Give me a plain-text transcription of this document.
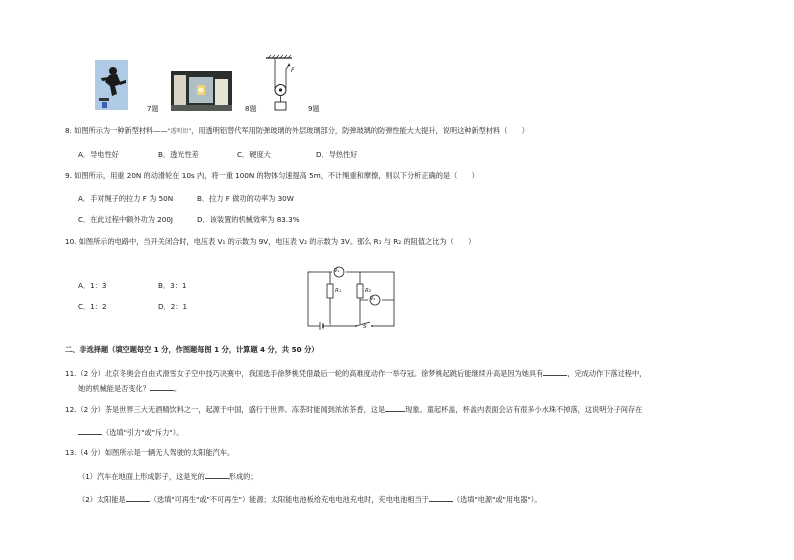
7题	8题
F
9题
8. 如图所示为一种新型材料——"透明铝"，用透明铝替代军用防弹玻璃的外层玻璃部分，防弹玻璃的防弹性能大大提升，说明这种新型材料（　　）
A．导电性好	B．透光性差	C．硬度大	D．导热性好
9. 如图所示，用重 20N 的动滑轮在 10s 内，将一重 100N 的物体匀速提高 5m，不计绳重和摩擦，则以下分析正确的是（　　）
A．手对绳子的拉力 F 为 50N	B．拉力 F 做功的功率为 30W
C．在此过程中额外功为 200J	D．该装置的机械效率为 83.3%
10. 如图所示的电路中，当开关闭合时，电压表 V₁ 的示数为 9V，电压表 V₂ 的示数为 3V。那么 R₁ 与 R₂ 的阻值之比为（　　）
A．1：3	B．3：1
C．1：2	D．2：1
V₁
V₂
R₁	R₂
S
二、非选择题（填空题每空 1 分，作图题每图 1 分，计算题 4 分，共 50 分）
11.（2 分）北京冬奥会自由式滑雪女子空中技巧决赛中，我国选手徐梦桃凭借最后一轮的高难度动作一举夺冠。徐梦桃起跳后能继续升高是因为她具有	，完成动作下落过程中，
她的机械能是否变化？	。
12.（2 分）茶是世界三大无酒精饮料之一，起源于中国，盛行于世界。冻茶时能闻到浓浓茶香，这是	现象。童起杯盖，杯盖内表面会沾有很多小水珠不掉落，这说明分子间存在
（选填"引力"或"斥力"）。
13.（4 分）如图所示是一辆无人驾驶的太阳能汽车。
（1）汽车在地面上形成影子，这是光的	形成的；
（2）太阳能是	（选填"可再生"或"不可再生"）能源；太阳能电池板给充电电池充电时，充电电池相当于	（选填"电源"或"用电器"）。
